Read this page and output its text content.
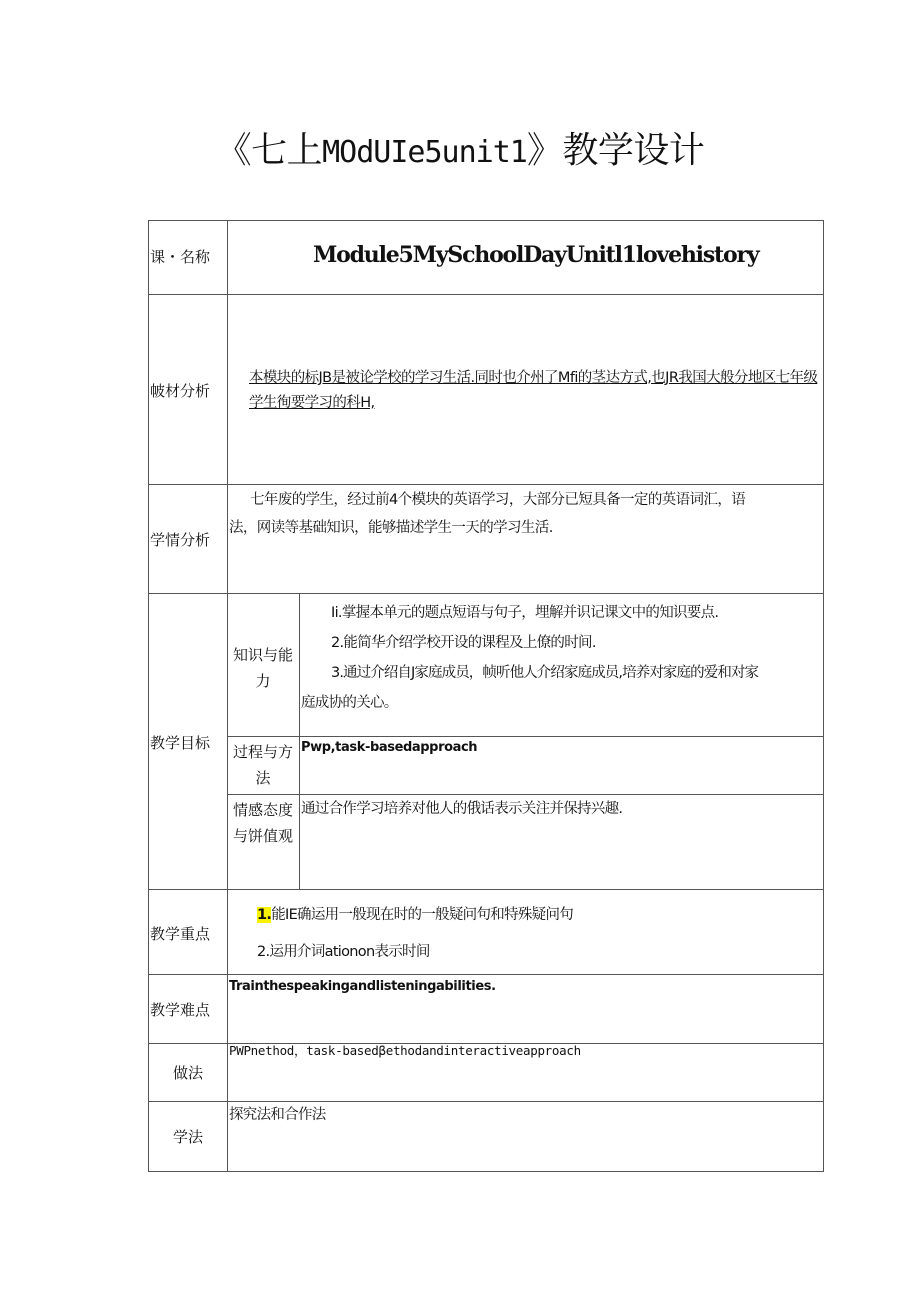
《七上MOdUIe5unit1》教学设计
课・名称	Module5MySchoolDayUnitl1lovehistory
帔材分析
本模块的标JB是被论学校的学习生活.同时也介州了Mfi的茎达方式,也JR我国大般分地区七年级学生徇要学习的科H,
学情分析
七年废的学生，经过前4个模块的英语学习，大部分已短具备一定的英语词汇，语
法，网读等基础知识，能够描述学生一天的学习生活.
教学目标
知识与能力
Ii.掌握本单元的题点短语与句子，埋解并识记课文中的知识要点.
2.能简华介绍学校开设的课程及上僚的时间.
3.通过介绍自J家庭成员，帧听他人介绍家庭成员,培养对家庭的爱和对家
庭成协的关心。
过程与方法
Pwp,task-basedapproach
情感态度与饼值观
通过合作学习培养对他人的俄话表示关注并保持兴趣.
教学重点
1.能IE确运用一般现在时的一般疑问句和特殊疑问句
2.运用介词ationon表示时间
教学难点
Trainthespeakingandlisteningabilities.
做法
PWPnethod，task-basedβethodandinteractiveapproach
学法
探究法和合作法
